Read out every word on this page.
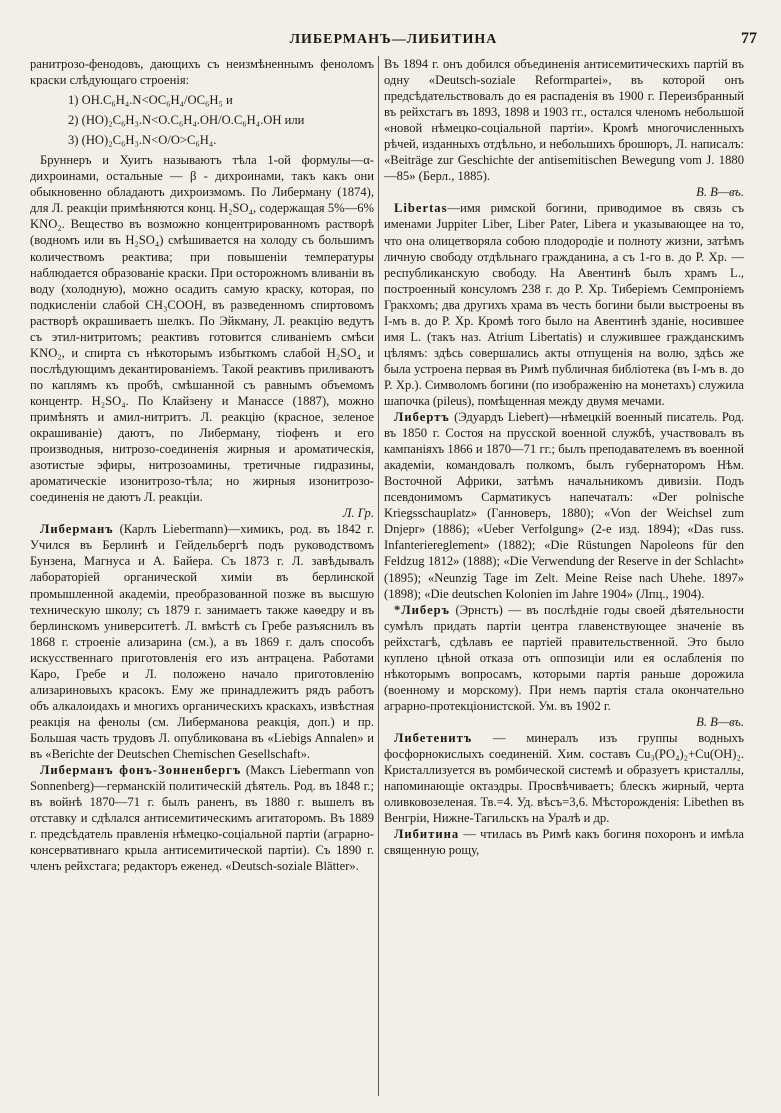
ЛИБЕРМАНЪ—ЛИБИТИНА	77

ранитрозо-фенодовъ, дающихъ съ неизмѣненнымъ фенoломъ краски слѣдующаго строенія:

1) OH.C₆H₄.N<OC₆H₄/OC₆H₅ и
2) (HO)₂C₆H₃.N<O.C₆H₄.OH/O.C₆H₄.OH или
3) (HO)₂C₆H₃.N<O/O>C₆H₄.

Бруннеръ и Хуитъ называютъ тѣла 1-ой формулы—α-дихроинами, остальные — β - дихроинами, такъ какъ они обыкновенно обладаютъ дихроизмомъ. По Либерману (1874), для Л. реакціи примѣняются конц. H₂SO₄, содержащая 5%—6% KNO₂. Вещество въ возможно концентрированномъ растворѣ (водномъ или въ H₂SO₄) смѣшивается на холоду съ большимъ количествомъ реактива; при повышеніи температуры наблюдается образованіе краски. При осторожномъ вливаніи въ воду (холодную), можно осадить самую краску, которая, по подкисленіи слабой CH₃COOH, въ разведенномъ спиртовомъ растворѣ окрашиваетъ шелкъ. По Эйкману, Л. реакцію ведутъ съ этил-нитритомъ; реактивъ готовится сливаніемъ смѣси KNO₂, и спирта съ нѣкоторымъ избыткомъ слабой H₂SO₄ и послѣдующимъ декантированіемъ. Такой реактивъ приливаютъ по каплямъ къ пробѣ, смѣшанной съ равнымъ объемомъ концентр. H₂SO₄. По Клайзену и Манассе (1887), можно примѣнять и амил-нитритъ. Л. реакцію (красное, зеленое окрашиваніе) даютъ, по Либерману, тіофенъ и его производныя, нитрозо-соединенія жирныя и ароматическія, азотистые эфиры, нитрозоамины, третичные гидразины, ароматическіе изонитрозо-тѣла; но жирныя изонитрозо-соединенія не даютъ Л. реакціи.

Л. Гр.

Либерманъ (Карлъ Liebermann)—химикъ, род. въ 1842 г. Учился въ Берлинѣ и Гейдельбергѣ подъ руководствомъ Бунзена, Магнуса и А. Байера. Съ 1873 г. Л. завѣдывалъ лабораторіей органической химіи въ берлинской промышленной академіи, преобразованной позже въ высшую техническую школу; съ 1879 г. занимаетъ также каѳедру и въ берлинскомъ университетѣ. Л. вмѣстѣ съ Гребе разъяснилъ въ 1868 г. строеніе ализарина (см.), а въ 1869 г. далъ способъ искусственнаго приготовленія его изъ антрацена. Работами Каро, Гребе и Л. положено начало приготовленію ализариновыхъ красокъ. Ему же принадлежитъ рядъ работъ объ алкалоидахъ и многихъ органическихъ краскахъ, извѣстная реакція на фенолы (см. Либермановa реакція, доп.) и пр. Большая часть трудовъ Л. опубликована въ «Liebigs Annalen» и въ «Berichte der Deutschen Chemischen Gesellschaft».

Либерманъ фонъ-Зонненбергъ (Максъ Liebermann von Sonnenberg)—германскій политическій дѣятель. Род. въ 1848 г.; въ войнѣ 1870—71 г. былъ раненъ, въ 1880 г. вышелъ въ отставку и сдѣлался антисемитическимъ агитаторомъ. Въ 1889 г. предсѣдатель правленія нѣмецко-соціальной партіи (аграрно-консервативнаго крыла антисемитической партіи). Съ 1890 г. членъ рейхстага; редакторъ еженед. «Deutsch-soziale Blätter».

Въ 1894 г. онъ добился объединенія антисемитическихъ партій въ одну «Deutsch-soziale Reformpartei», въ которой онъ предсѣдательствовалъ до ея распаденія въ 1900 г. Переизбранный въ рейхстагъ въ 1893, 1898 и 1903 гг., остался членомъ небольшой «новой нѣмецко-соціальной партіи». Кромѣ многочисленныхъ рѣчей, изданныхъ отдѣльно, и небольшихъ брошюръ, Л. написалъ: «Beiträge zur Geschichte der antisemitischen Bewegung vom J. 1880—85» (Берл., 1885).

В. В—въ.

Libertas—имя римской богини, приводимое въ связь съ именами Juppiter Liber, Liber Pater, Libera и указывающее на то, что она олицетворяла собою плодородіе и полноту жизни, затѣмъ личную свободу отдѣльнаго гражданина, а съ 1-го в. до Р. Хр. — республиканскую свободу. На Авентинѣ былъ храмъ L., построенный консуломъ 238 г. до Р. Хр. Тиберіемъ Семпроніемъ Гракхомъ; два другихъ храма въ честь богини были выстроены въ I-мъ в. до Р. Хр. Кромѣ того было на Авентинѣ зданіе, носившее имя L. (такъ наз. Atrium Libertatis) и служившее гражданскимъ цѣлямъ: здѣсь совершались акты отпущенія на волю, здѣсь же была устроена первая въ Римѣ публичная библіотека (въ I-мъ в. до Р. Хр.). Символомъ богини (по изображенію на монетахъ) служила шапочка (pileus), помѣщенная между двумя мечами.

Либертъ (Эдуардъ Liebert)—нѣмецкій военный писатель. Род. въ 1850 г. Состоя на прусской военной службѣ, участвовалъ въ кампаніяхъ 1866 и 1870—71 гг.; былъ преподавателемъ въ военной академіи, командовалъ полкомъ, былъ губернаторомъ Нѣм. Восточной Африки, затѣмъ начальникомъ дивизіи. Подъ псевдонимомъ Сарматикусъ напечаталъ: «Der polnische Kriegsschauplatz» (Ганноверъ, 1880); «Von der Weichsel zum Dnjepr» (1886); «Ueber Verfolgung» (2-е изд. 1894); «Das russ. Infanteriereglement» (1882); «Die Rüstungen Napoleons für den Feldzug 1812» (1888); «Die Verwendung der Reserve in der Schlacht» (1895); «Neunzig Tage im Zelt. Meine Reise nach Uhehe. 1897» (1898); «Die deutschen Kolonien im Jahre 1904» (Лпц., 1904).

*Либеръ (Эрнстъ) — въ послѣдніе годы своей дѣятельности сумѣлъ придать партіи центра главенствующее значеніе въ рейхстагѣ, сдѣлавъ ее партіей правительственной. Это было куплено цѣной отказа отъ оппозиціи или ея ослабленія по нѣкоторымъ вопросамъ, которыми партія раньше дорожила (военному и морскому). При немъ партія стала окончательно аграрно-протекціонистской. Ум. въ 1902 г.

В. В—въ.

Либетенитъ — минералъ изъ группы водныхъ фосфорнокислыхъ соединеній. Хим. составъ Cu₃(PO₄)₂+Cu(OH)₂. Кристаллизуется въ ромбической системѣ и образуетъ кристаллы, напоминающіе октаэдры. Просвѣчиваетъ; блескъ жирный, черта оливковозеленая. Тв.=4. Уд. вѣсъ=3,6. Мѣсторожденія: Libethen въ Венгріи, Нижне-Тагильскъ на Уралѣ и др.

Либитина — чтилась въ Римѣ какъ богиня похоронъ и имѣла священную рощу,
